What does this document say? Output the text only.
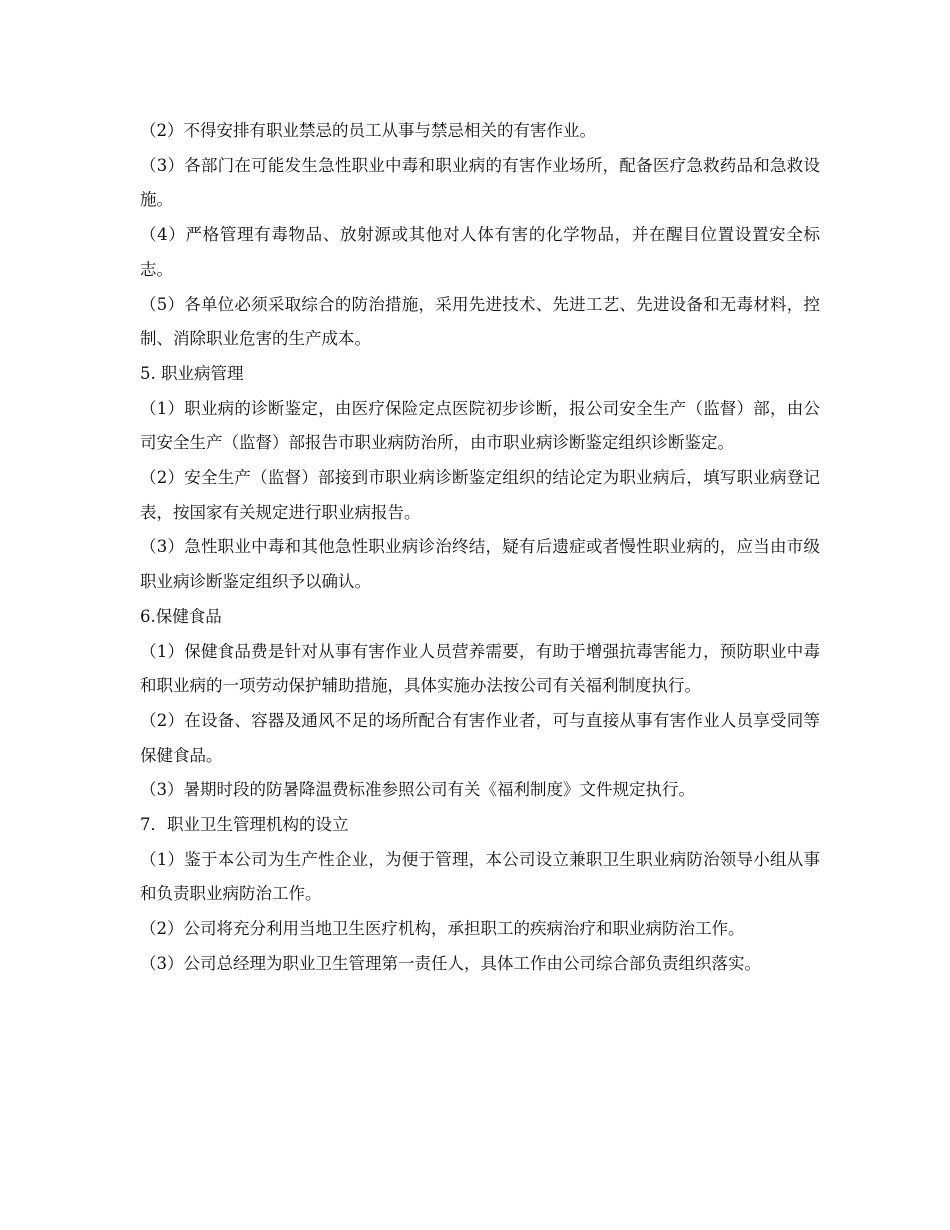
（2）不得安排有职业禁忌的员工从事与禁忌相关的有害作业。

（3）各部门在可能发生急性职业中毒和职业病的有害作业场所，配备医疗急救药品和急救设施。

（4）严格管理有毒物品、放射源或其他对人体有害的化学物品，并在醒目位置设置安全标志。

（5）各单位必须采取综合的防治措施，采用先进技术、先进工艺、先进设备和无毒材料，控制、消除职业危害的生产成本。

5. 职业病管理

（1）职业病的诊断鉴定，由医疗保险定点医院初步诊断，报公司安全生产（监督）部，由公司安全生产（监督）部报告市职业病防治所，由市职业病诊断鉴定组织诊断鉴定。

（2）安全生产（监督）部接到市职业病诊断鉴定组织的结论定为职业病后，填写职业病登记表，按国家有关规定进行职业病报告。

（3）急性职业中毒和其他急性职业病诊治终结，疑有后遗症或者慢性职业病的，应当由市级职业病诊断鉴定组织予以确认。

6.保健食品

（1）保健食品费是针对从事有害作业人员营养需要，有助于增强抗毒害能力，预防职业中毒和职业病的一项劳动保护辅助措施，具体实施办法按公司有关福利制度执行。

（2）在设备、容器及通风不足的场所配合有害作业者，可与直接从事有害作业人员享受同等保健食品。

（3）暑期时段的防暑降温费标准参照公司有关《福利制度》文件规定执行。

7．职业卫生管理机构的设立

（1）鉴于本公司为生产性企业，为便于管理，本公司设立兼职卫生职业病防治领导小组从事和负责职业病防治工作。

（2）公司将充分利用当地卫生医疗机构，承担职工的疾病治疗和职业病防治工作。

（3）公司总经理为职业卫生管理第一责任人，具体工作由公司综合部负责组织落实。
